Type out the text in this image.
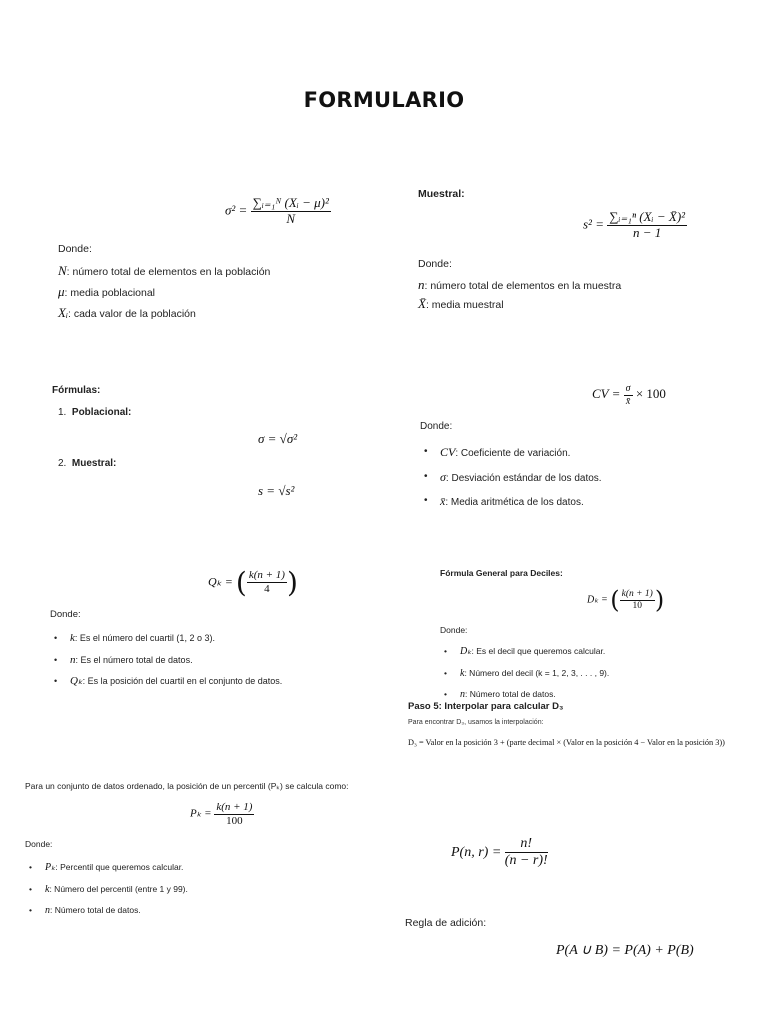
FORMULARIO
$\sigma^2 = \frac{\text{∑ᵢ₌₁ᴺ (Xᵢ − μ)²}}{N}$
Donde:
N: número total de elementos en la población
μ: media poblacional
Xᵢ: cada valor de la población
Muestral:
$s^2 = \frac{\text{∑ᵢ₌₁ⁿ (Xᵢ − X̄)²}}{n - 1}$
Donde:
n: número total de elementos en la muestra
X̄: media muestral
Fórmulas:
1. Poblacional:
σ = √σ²
2. Muestral:
s = √s²
CV = $\frac{\sigma}{x̄} \times 100$
Donde:
• CV: Coeficiente de variación.
• σ: Desviación estándar de los datos.
• x̄: Media aritmética de los datos.
Qₖ = ( $\frac{k(n + 1)}{4}$ )
Donde:
• k: Es el número del cuartil (1, 2 o 3).
• n: Es el número total de datos.
• Qₖ: Es la posición del cuartil en el conjunto de datos.
Fórmula General para Deciles:
Dₖ = ( $\frac{k(n + 1)}{10}$ )
Donde:
• Dₖ: Es el decil que queremos calcular.
• k: Número del decil (k = 1, 2, 3, . . . , 9).
• n: Número total de datos.
Paso 5: Interpolar para calcular D₃
Para encontrar D₃, usamos la interpolación:
D₃ = Valor en la posición 3 + (parte decimal × (Valor en la posición 4 − Valor en la posición 3))
Para un conjunto de datos ordenado, la posición de un percentil (Pₖ) se calcula como:
$P_k = \frac{k(n + 1)}{100}$
Donde:
• Pₖ: Percentil que queremos calcular.
• k: Número del percentil (entre 1 y 99).
• n: Número total de datos.
P(n, $r) = \frac{n!}{(n - r)!}$
Regla de adición:
P(A ∪ B) = P(A) + P(B)
